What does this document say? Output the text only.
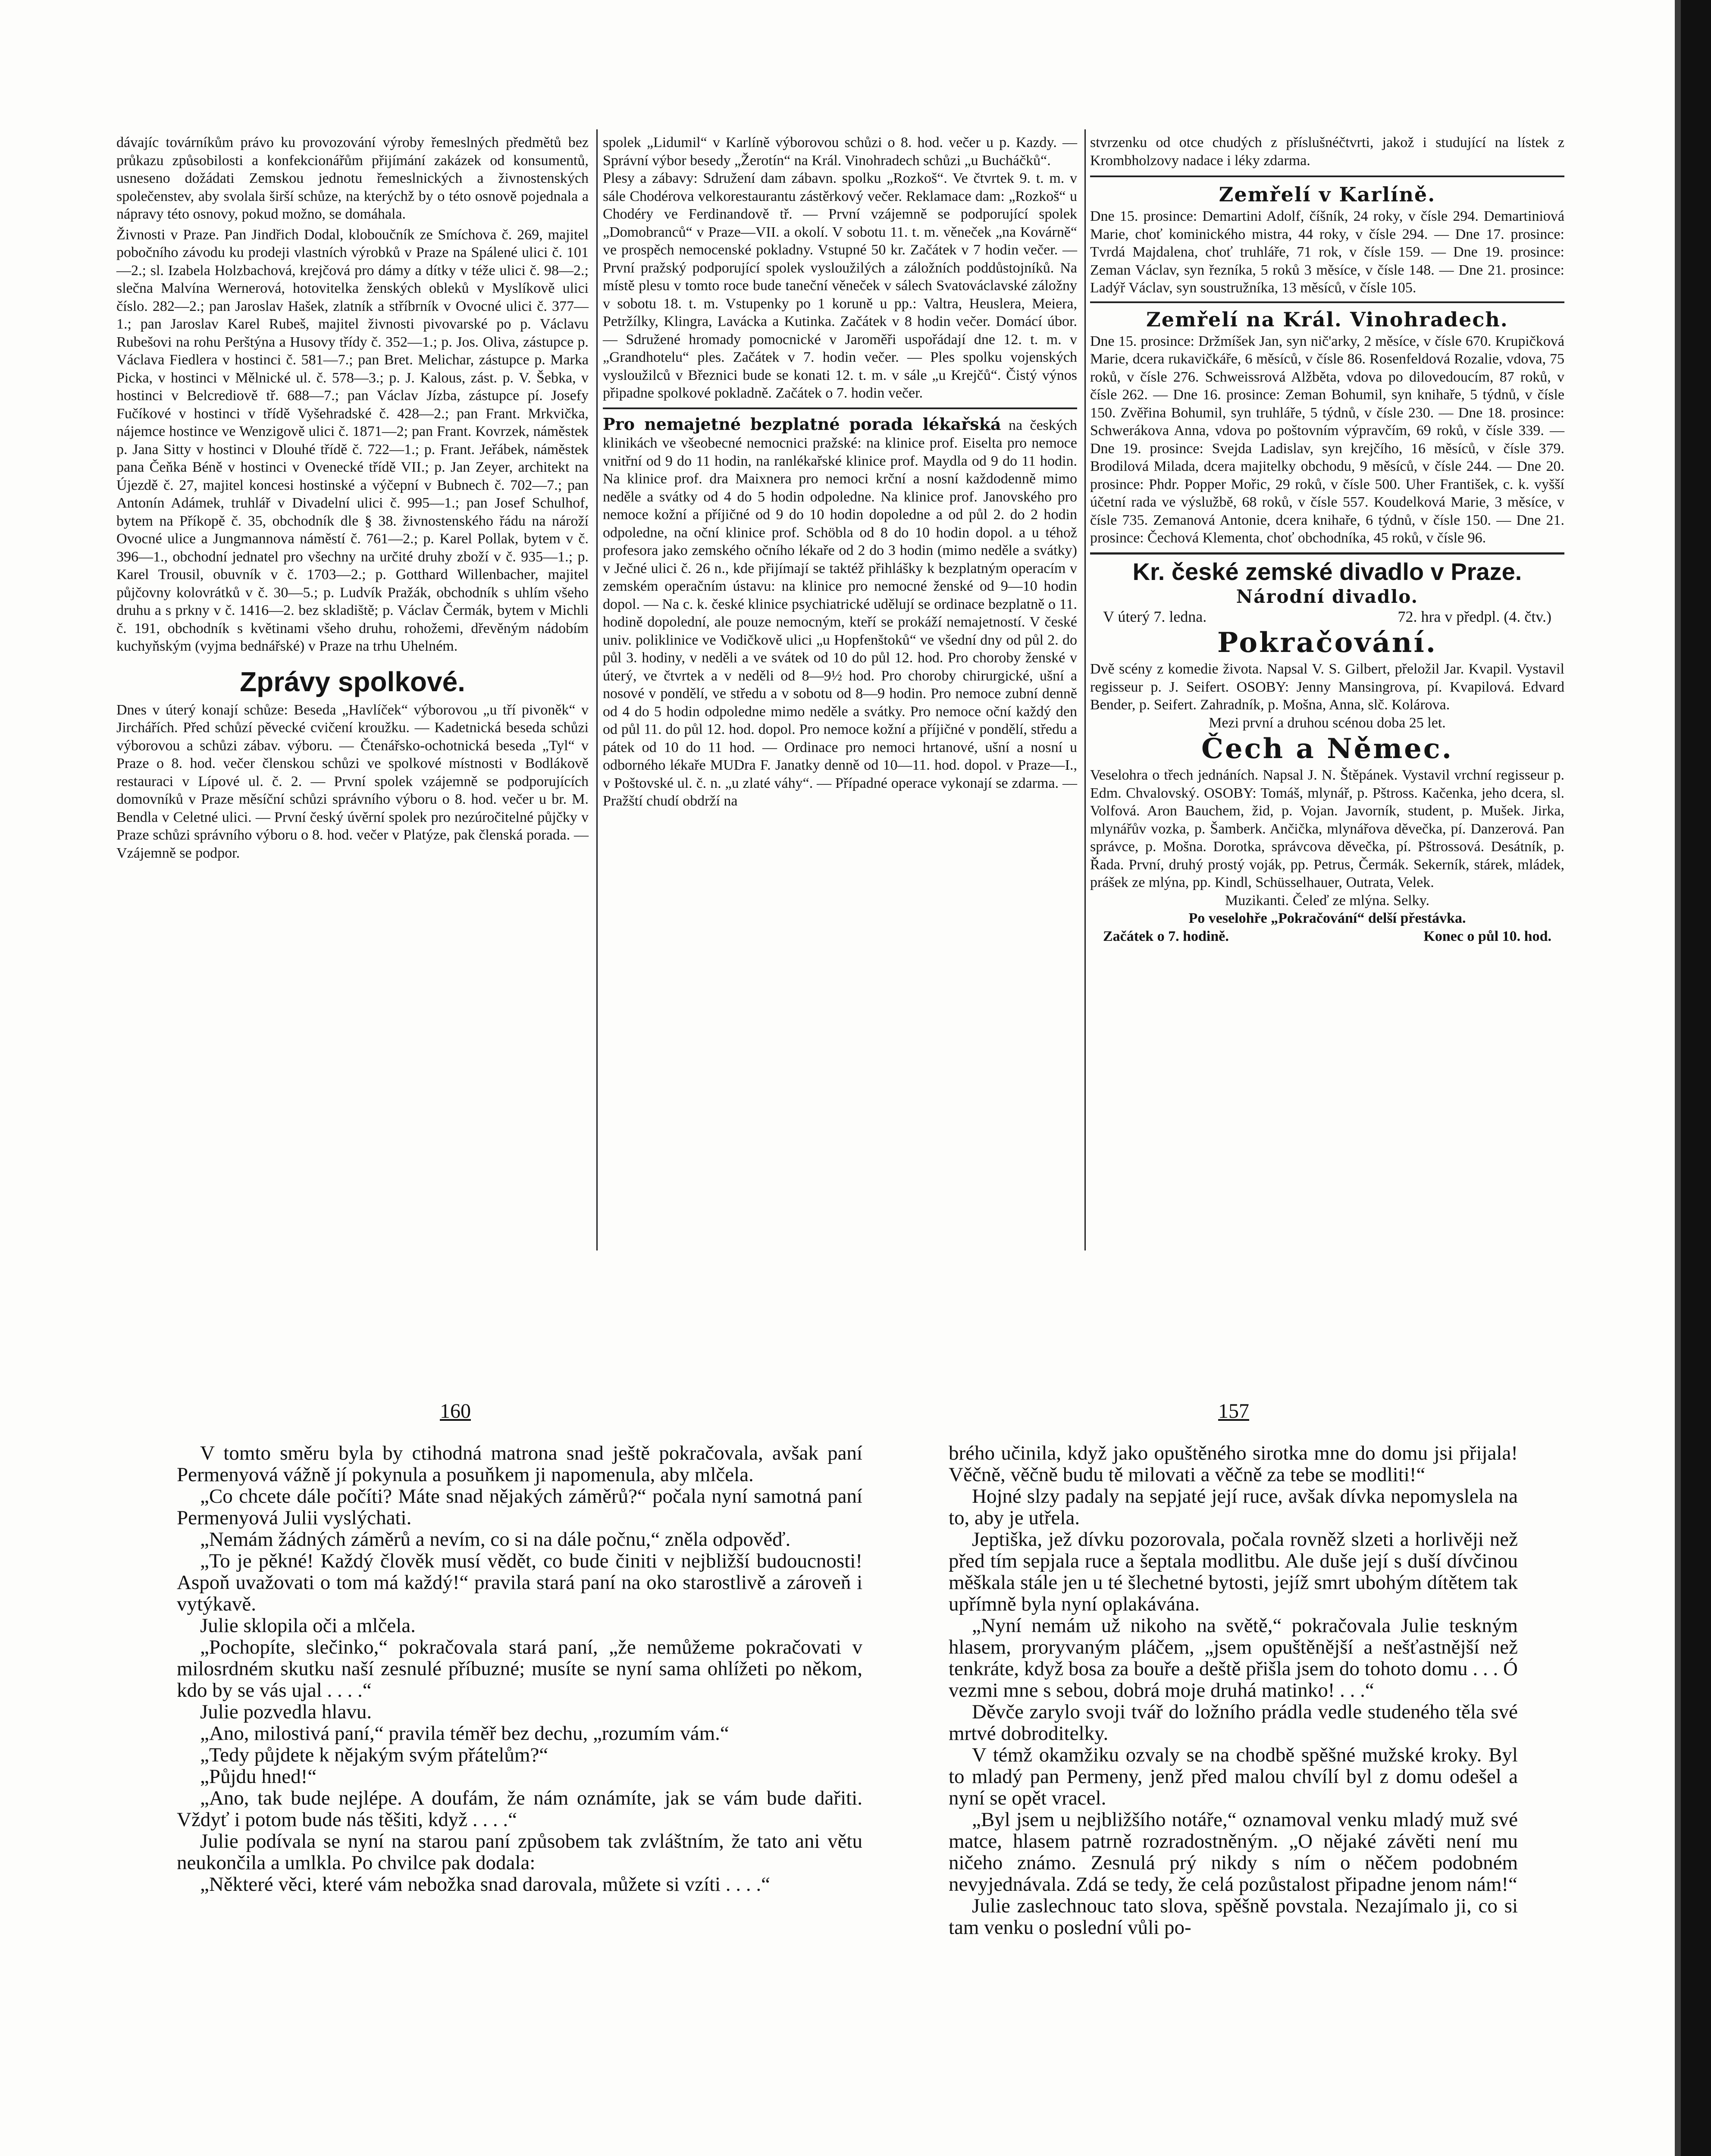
dávajíc továrníkům právo ku provozování výroby řemeslných předmětů bez průkazu způsobilosti a konfekcionářům přijímání zakázek od konsumentů, usneseno dožádati Zemskou jednotu řemeslnických a živnostenských společenstev, aby svolala širší schůze, na kterýchž by o této osnově pojednala a nápravy této osnovy, pokud možno, se domáhala.

Živnosti v Praze. Pan Jindřich Dodal, kloboučník ze Smíchova č. 269, majitel pobočního závodu ku prodeji vlastních výrobků v Praze na Spálené ulici č. 101—2.; sl. Izabela Holzbachová, krejčová pro dámy a dítky v téže ulici č. 98—2.; slečna Malvína Wernerová, hotovitelka ženských obleků v Myslíkově ulici číslo. 282—2.; pan Jaroslav Hašek, zlatník a stříbrník v Ovocné ulici č. 377—1.; pan Jaroslav Karel Rubeš, majitel živnosti pivovarské po p. Václavu Rubešovi na rohu Perštýna a Husovy třídy č. 352—1.; p. Jos. Oliva, zástupce p. Václava Fiedlera v hostinci č. 581—7.; pan Bret. Melichar, zástupce p. Marka Picka, v hostinci v Mělnické ul. č. 578—3.; p. J. Kalous, zást. p. V. Šebka, v hostinci v Belcrediově tř. 688—7.; pan Václav Jízba, zástupce pí. Josefy Fučíkové v hostinci v třídě Vyšehradské č. 428—2.; pan Frant. Mrkvička, nájemce hostince ve Wenzigově ulici č. 1871—2; pan Frant. Kovrzek, náměstek p. Jana Sitty v hostinci v Dlouhé třídě č. 722—1.; p. Frant. Jeřábek, náměstek pana Čeňka Béně v hostinci v Ovenecké třídě VII.; p. Jan Zeyer, architekt na Újezdě č. 27, majitel koncesi hostinské a výčepní v Bubnech č. 702—7.; pan Antonín Adámek, truhlář v Divadelní ulici č. 995—1.; pan Josef Schulhof, bytem na Příkopě č. 35, obchodník dle § 38. živnostenského řádu na nároží Ovocné ulice a Jungmannova náměstí č. 761—2.; p. Karel Pollak, bytem v č. 396—1., obchodní jednatel pro všechny na určité druhy zboží v č. 935—1.; p. Karel Trousil, obuvník v č. 1703—2.; p. Gotthard Willenbacher, majitel půjčovny kolovrátků v č. 30—5.; p. Ludvík Pražák, obchodník s uhlím všeho druhu a s prkny v č. 1416—2. bez skladiště; p. Václav Čermák, bytem v Michli č. 191, obchodník s květinami všeho druhu, rohožemi, dřevěným nádobím kuchyňským (vyjma bednářské) v Praze na trhu Uhelném.

Zprávy spolkové.

Dnes v úterý konají schůze: Beseda „Havlíček“ výborovou „u tří pivoněk“ v Jirchářích. Před schůzí pěvecké cvičení kroužku. — Kadetnická beseda schůzi výborovou a schůzi zábav. výboru. — Čtenářsko-ochotnická beseda „Tyl“ v Praze o 8. hod. večer členskou schůzi ve spolkové místnosti v Bodlákově restauraci v Lípové ul. č. 2. — První spolek vzájemně se podporujících domovníků v Praze měsíční schůzi správního výboru o 8. hod. večer u br. M. Bendla v Celetné ulici. — První český úvěrní spolek pro nezúročitelné půjčky v Praze schůzi správního výboru o 8. hod. večer v Platýze, pak členská porada. — Vzájemně se podpor.

spolek „Lidumil“ v Karlíně výborovou schůzi o 8. hod. večer u p. Kazdy. — Správní výbor besedy „Žerotín“ na Král. Vinohradech schůzi „u Bucháčků“.
Plesy a zábavy: Sdružení dam zábavn. spolku „Rozkoš“. Ve čtvrtek 9. t. m. v sále Chodérova velkorestaurantu zástěrkový večer. Reklamace dam: „Rozkoš“ u Chodéry ve Ferdinandově tř. — První vzájemně se podporující spolek „Domobranců“ v Praze—VII. a okolí. V sobotu 11. t. m. věneček „na Kovárně“ ve prospěch nemocenské pokladny. Vstupné 50 kr. Začátek v 7 hodin večer. — První pražský podporující spolek vysloužilých a záložních poddůstojníků. Na místě plesu v tomto roce bude taneční věneček v sálech Svatováclavské záložny v sobotu 18. t. m. Vstupenky po 1 koruně u pp.: Valtra, Heuslera, Meiera, Petržílky, Klingra, Lavácka a Kutinka. Začátek v 8 hodin večer. Domácí úbor. — Sdružené hromady pomocnické v Jaroměři uspořádají dne 12. t. m. v „Grandhotelu“ ples. Začátek v 7. hodin večer. — Ples spolku vojenských vysloužilců v Březnici bude se konati 12. t. m. v sále „u Krejčů“. Čistý výnos připadne spolkové pokladně. Začátek o 7. hodin večer.

Pro nemajetné bezplatné porada lékařská na českých klinikách ve všeobecné nemocnici pražské: na klinice prof. Eiselta pro nemoce vnitřní od 9 do 11 hodin, na ranlékařské klinice prof. Maydla od 9 do 11 hodin. Na klinice prof. dra Maixnera pro nemoci krční a nosní každodenně mimo neděle a svátky od 4 do 5 hodin odpoledne. Na klinice prof. Janovského pro nemoce kožní a příjičné od 9 do 10 hodin dopoledne a od půl 2. do 2 hodin odpoledne, na oční klinice prof. Schöbla od 8 do 10 hodin dopol. a u téhož profesora jako zemského očního lékaře od 2 do 3 hodin (mimo neděle a svátky) v Ječné ulici č. 26 n., kde přijímají se taktéž přihlášky k bezplatným operacím v zemském operačním ústavu: na klinice pro nemocné ženské od 9—10 hodin dopol. — Na c. k. české klinice psychiatrické udělují se ordinace bezplatně o 11. hodině dopolední, ale pouze nemocným, kteří se prokáží nemajetností. V české univ. poliklinice ve Vodičkově ulici „u Hopfenštoků“ ve všední dny od půl 2. do půl 3. hodiny, v neděli a ve svátek od 10 do půl 12. hod. Pro choroby ženské v úterý, ve čtvrtek a v neděli od 8—9½ hod. Pro choroby chirurgické, ušní a nosové v pondělí, ve středu a v sobotu od 8—9 hodin. Pro nemoce zubní denně od 4 do 5 hodin odpoledne mimo neděle a svátky. Pro nemoce oční každý den od půl 11. do půl 12. hod. dopol. Pro nemoce kožní a příjičné v pondělí, středu a pátek od 10 do 11 hod. — Ordinace pro nemoci hrtanové, ušní a nosní u odborného lékaře MUDra F. Janatky denně od 10—11. hod. dopol. v Praze—I., v Poštovské ul. č. n. „u zlaté váhy“. — Případné operace vykonají se zdarma. — Pražští chudí obdrží na

stvrzenku od otce chudých z příslušnéčtvrti, jakož i studující na lístek z Krombholzovy nadace i léky zdarma.

Zemřelí v Karlíně.

Dne 15. prosince: Demartini Adolf, číšník, 24 roky, v čísle 294. Demartiniová Marie, choť kominického mistra, 44 roky, v čísle 294. — Dne 17. prosince: Tvrdá Majdalena, choť truhláře, 71 rok, v čísle 159. — Dne 19. prosince: Zeman Václav, syn řezníka, 5 roků 3 měsíce, v čísle 148. — Dne 21. prosince: Ladýř Václav, syn soustružníka, 13 měsíců, v čísle 105.

Zemřelí na Král. Vinohradech.

Dne 15. prosince: Držmíšek Jan, syn nič'arky, 2 měsíce, v čísle 670. Krupičková Marie, dcera rukavičkáře, 6 měsíců, v čísle 86. Rosenfeldová Rozalie, vdova, 75 roků, v čísle 276. Schweissrová Alžběta, vdova po dilovedoucím, 87 roků, v čísle 262. — Dne 16. prosince: Zeman Bohumil, syn knihaře, 5 týdnů, v čísle 150. Zvěřina Bohumil, syn truhláře, 5 týdnů, v čísle 230. — Dne 18. prosince: Schwerákova Anna, vdova po poštovním výpravčím, 69 roků, v čísle 339. — Dne 19. prosince: Svejda Ladislav, syn krejčího, 16 měsíců, v čísle 379. Brodilová Milada, dcera majitelky obchodu, 9 měsíců, v čísle 244. — Dne 20. prosince: Phdr. Popper Mořic, 29 roků, v čísle 500. Uher František, c. k. vyšší účetní rada ve výslužbě, 68 roků, v čísle 557. Koudelková Marie, 3 měsíce, v čísle 735. Zemanová Antonie, dcera knihaře, 6 týdnů, v čísle 150. — Dne 21. prosince: Čechová Klementa, choť obchodníka, 45 roků, v čísle 96.

Kr. české zemské divadlo v Praze.
Národní divadlo.
V úterý 7. ledna.	72. hra v předpl. (4. čtv.)
Pokračování.

Dvě scény z komedie života. Napsal V. S. Gilbert, přeložil Jar. Kvapil. Vystavil regisseur p. J. Seifert. OSOBY: Jenny Mansingrova, pí. Kvapilová. Edvard Bender, p. Seifert. Zahradník, p. Mošna, Anna, slč. Kolárova.

Mezi první a druhou scénou doba 25 let.

Čech a Němec.

Veselohra o třech jednáních. Napsal J. N. Štěpánek. Vystavil vrchní regisseur p. Edm. Chvalovský. OSOBY: Tomáš, mlynář, p. Pštross. Kačenka, jeho dcera, sl. Volfová. Aron Bauchem, žid, p. Vojan. Javorník, student, p. Mušek. Jirka, mlynářův vozka, p. Šamberk. Ančička, mlynářova děvečka, pí. Danzerová. Pan správce, p. Mošna. Dorotka, správcova děvečka, pí. Pštrossová. Desátník, p. Řada. První, druhý prostý voják, pp. Petrus, Čermák. Sekerník, stárek, mládek, prášek ze mlýna, pp. Kindl, Schüsselhauer, Outrata, Velek.

Muzikanti. Čeleď ze mlýna. Selky.

Po veselohře „Pokračování“ delší přestávka.

Začátek o 7. hodině.	Konec o půl 10. hod.
160	157

V tomto směru byla by ctihodná matrona snad ještě pokračovala, avšak paní Permenyová vážně jí pokynula a posuňkem ji napomenula, aby mlčela.

„Co chcete dále počíti? Máte snad nějakých záměrů?“ počala nyní samotná paní Permenyová Julii vyslýchati.

„Nemám žádných záměrů a nevím, co si na dále počnu,“ zněla odpověď.

„To je pěkné! Každý člověk musí vědět, co bude činiti v nejbližší budoucnosti! Aspoň uvažovati o tom má každý!“ pravila stará paní na oko starostlivě a zároveň i vytýkavě.

Julie sklopila oči a mlčela.

„Pochopíte, slečinko,“ pokračovala stará paní, „že nemůžeme pokračovati v milosrdném skutku naší zesnulé příbuzné; musíte se nyní sama ohlížeti po někom, kdo by se vás ujal . . . .“

Julie pozvedla hlavu.

„Ano, milostivá paní,“ pravila téměř bez dechu, „rozumím vám.“

„Tedy půjdete k nějakým svým přátelům?“

„Půjdu hned!“

„Ano, tak bude nejlépe. A doufám, že nám oznámíte, jak se vám bude dařiti. Vždyť i potom bude nás těšiti, když . . . .“

Julie podívala se nyní na starou paní způsobem tak zvláštním, že tato ani větu neukončila a umlkla. Po chvilce pak dodala:

„Některé věci, které vám nebožka snad darovala, můžete si vzíti . . . .“

brého učinila, když jako opuštěného sirotka mne do domu jsi přijala! Věčně, věčně budu tě milovati a věčně za tebe se modliti!“

Hojné slzy padaly na sepjaté její ruce, avšak dívka nepomyslela na to, aby je utřela.

Jeptiška, jež dívku pozorovala, počala rovněž slzeti a horlivěji než před tím sepjala ruce a šeptala modlitbu. Ale duše její s duší dívčinou měškala stále jen u té šlechetné bytosti, jejíž smrt ubohým dítětem tak upřímně byla nyní oplakávána.

„Nyní nemám už nikoho na světě,“ pokračovala Julie teskným hlasem, proryvaným pláčem, „jsem opuštěnější a nešťastnější než tenkráte, když bosa za bouře a deště přišla jsem do tohoto domu . . . Ó vezmi mne s sebou, dobrá moje druhá matinko! . . .“

Děvče zarylo svoji tvář do ložního prádla vedle studeného těla své mrtvé dobroditelky.

V témž okamžiku ozvaly se na chodbě spěšné mužské kroky. Byl to mladý pan Permeny, jenž před malou chvílí byl z domu odešel a nyní se opět vracel.

„Byl jsem u nejbližšího notáře,“ oznamoval venku mladý muž své matce, hlasem patrně rozradostněným. „O nějaké závěti není mu ničeho známo. Zesnulá prý nikdy s ním o něčem podobném nevyjednávala. Zdá se tedy, že celá pozůstalost připadne jenom nám!“

Julie zaslechnouc tato slova, spěšně povstala. Nezajímalo ji, co si tam venku o poslední vůli po-
